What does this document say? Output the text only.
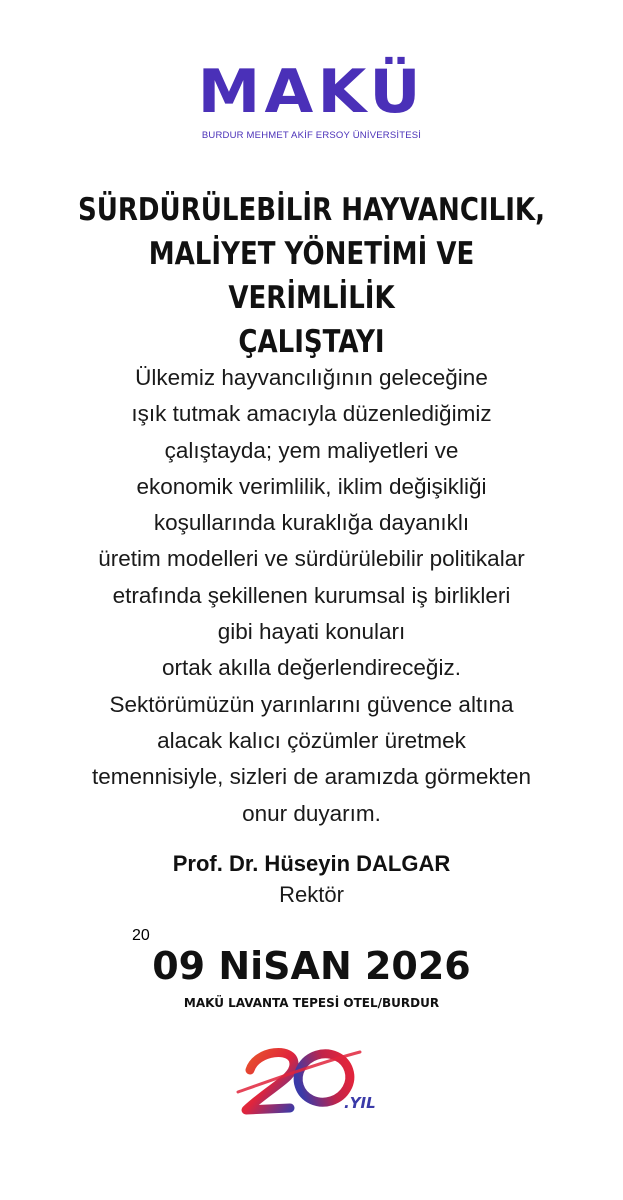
MAKÜ
BURDUR MEHMET AKİF ERSOY ÜNİVERSİTESİ
SÜRDÜRÜLEBİLİR HAYVANCILIK,
MALİYET YÖNETİMİ VE VERİMLİLİK
ÇALIŞTAYI
Ülkemiz hayvancılığının geleceğine
ışık tutmak amacıyla düzenlediğimiz
çalıştayda; yem maliyetleri ve
ekonomik verimlilik, iklim değişikliği
koşullarında kuraklığa dayanıklı
üretim modelleri ve sürdürülebilir politikalar
etrafında şekillenen kurumsal iş birlikleri
gibi hayati konuları
ortak akılla değerlendireceğiz.
Sektörümüzün yarınlarını güvence altına
alacak kalıcı çözümler üretmek
temennisiyle, sizleri de aramızda görmekten
onur duyarım.
Prof. Dr. Hüseyin DALGAR
Rektör
09 NiSAN 2026
MAKÜ LAVANTA TEPESİ OTEL/BURDUR
20
.YIL
